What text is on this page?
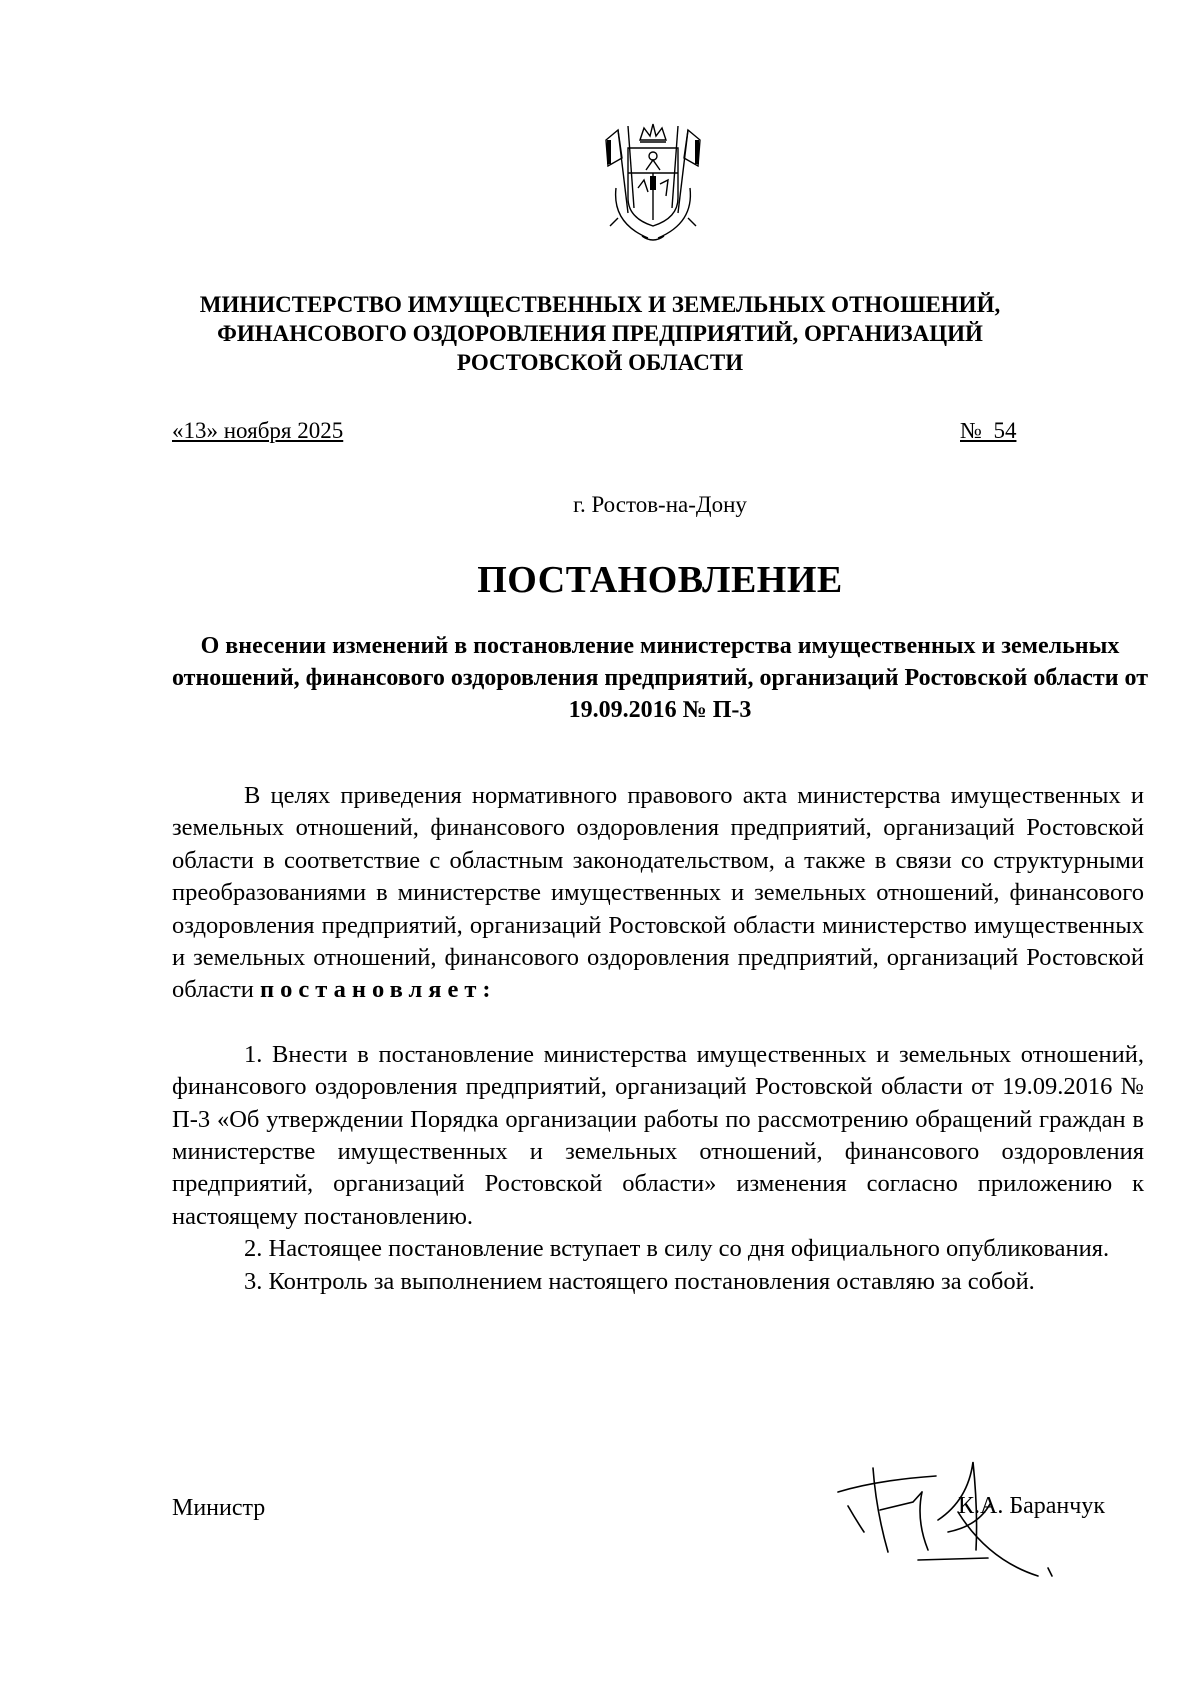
МИНИСТЕРСТВО ИМУЩЕСТВЕННЫХ И ЗЕМЕЛЬНЫХ ОТНОШЕНИЙ, ФИНАНСОВОГО ОЗДОРОВЛЕНИЯ ПРЕДПРИЯТИЙ, ОРГАНИЗАЦИЙ РОСТОВСКОЙ ОБЛАСТИ
«13» ноября 2025	№  54
г. Ростов-на-Дону
ПОСТАНОВЛЕНИЕ
О внесении изменений в постановление министерства имущественных и земельных отношений, финансового оздоровления предприятий, организаций Ростовской области от 19.09.2016 № П-3

В целях приведения нормативного правового акта министерства имущественных и земельных отношений, финансового оздоровления предприятий, организаций Ростовской области в соответствие с областным законодательством, а также в связи со структурными преобразованиями в министерстве имущественных и земельных отношений, финансового оздоровления предприятий, организаций Ростовской области министерство имущественных и земельных отношений, финансового оздоровления предприятий, организаций Ростовской области постановляет:

1. Внести в постановление министерства имущественных и земельных отношений, финансового оздоровления предприятий, организаций Ростовской области от 19.09.2016 № П-3 «Об утверждении Порядка организации работы по рассмотрению обращений граждан в министерстве имущественных и земельных отношений, финансового оздоровления предприятий, организаций Ростовской области» изменения согласно приложению к настоящему постановлению.

2. Настоящее постановление вступает в силу со дня официального опубликования.

3. Контроль за выполнением настоящего постановления оставляю за собой.

Министр	К.А. Баранчук
